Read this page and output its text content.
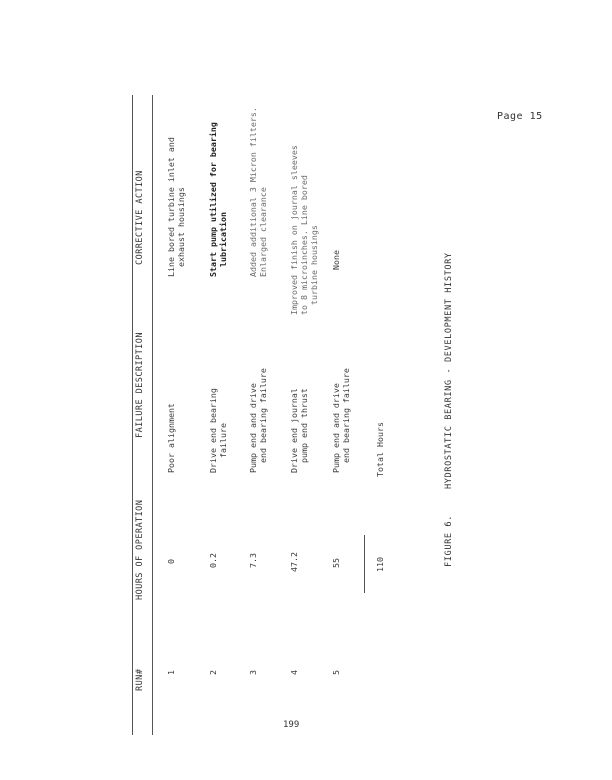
Page 15
RUN#
HOURS OF OPERATION
FAILURE DESCRIPTION
CORRECTIVE ACTION
1
0
Poor alignment
Line bored turbine inlet and
exhaust housings
2
0.2
Drive end bearing
failure
Start pump utilized for bearing
lubrication
3
7.3
Pump end and drive
end bearing failure
Added additional 3 Micron filters.
Enlarged clearance
4
47.2
Drive end journal
pump end thrust
Improved finish on journal sleeves
to 8 microinches. Line bored
turbine housings
5
55
Pump end and drive
end bearing failure
None
110
Total Hours
FIGURE 6.HYDROSTATIC BEARING - DEVELOPMENT HISTORY
199
